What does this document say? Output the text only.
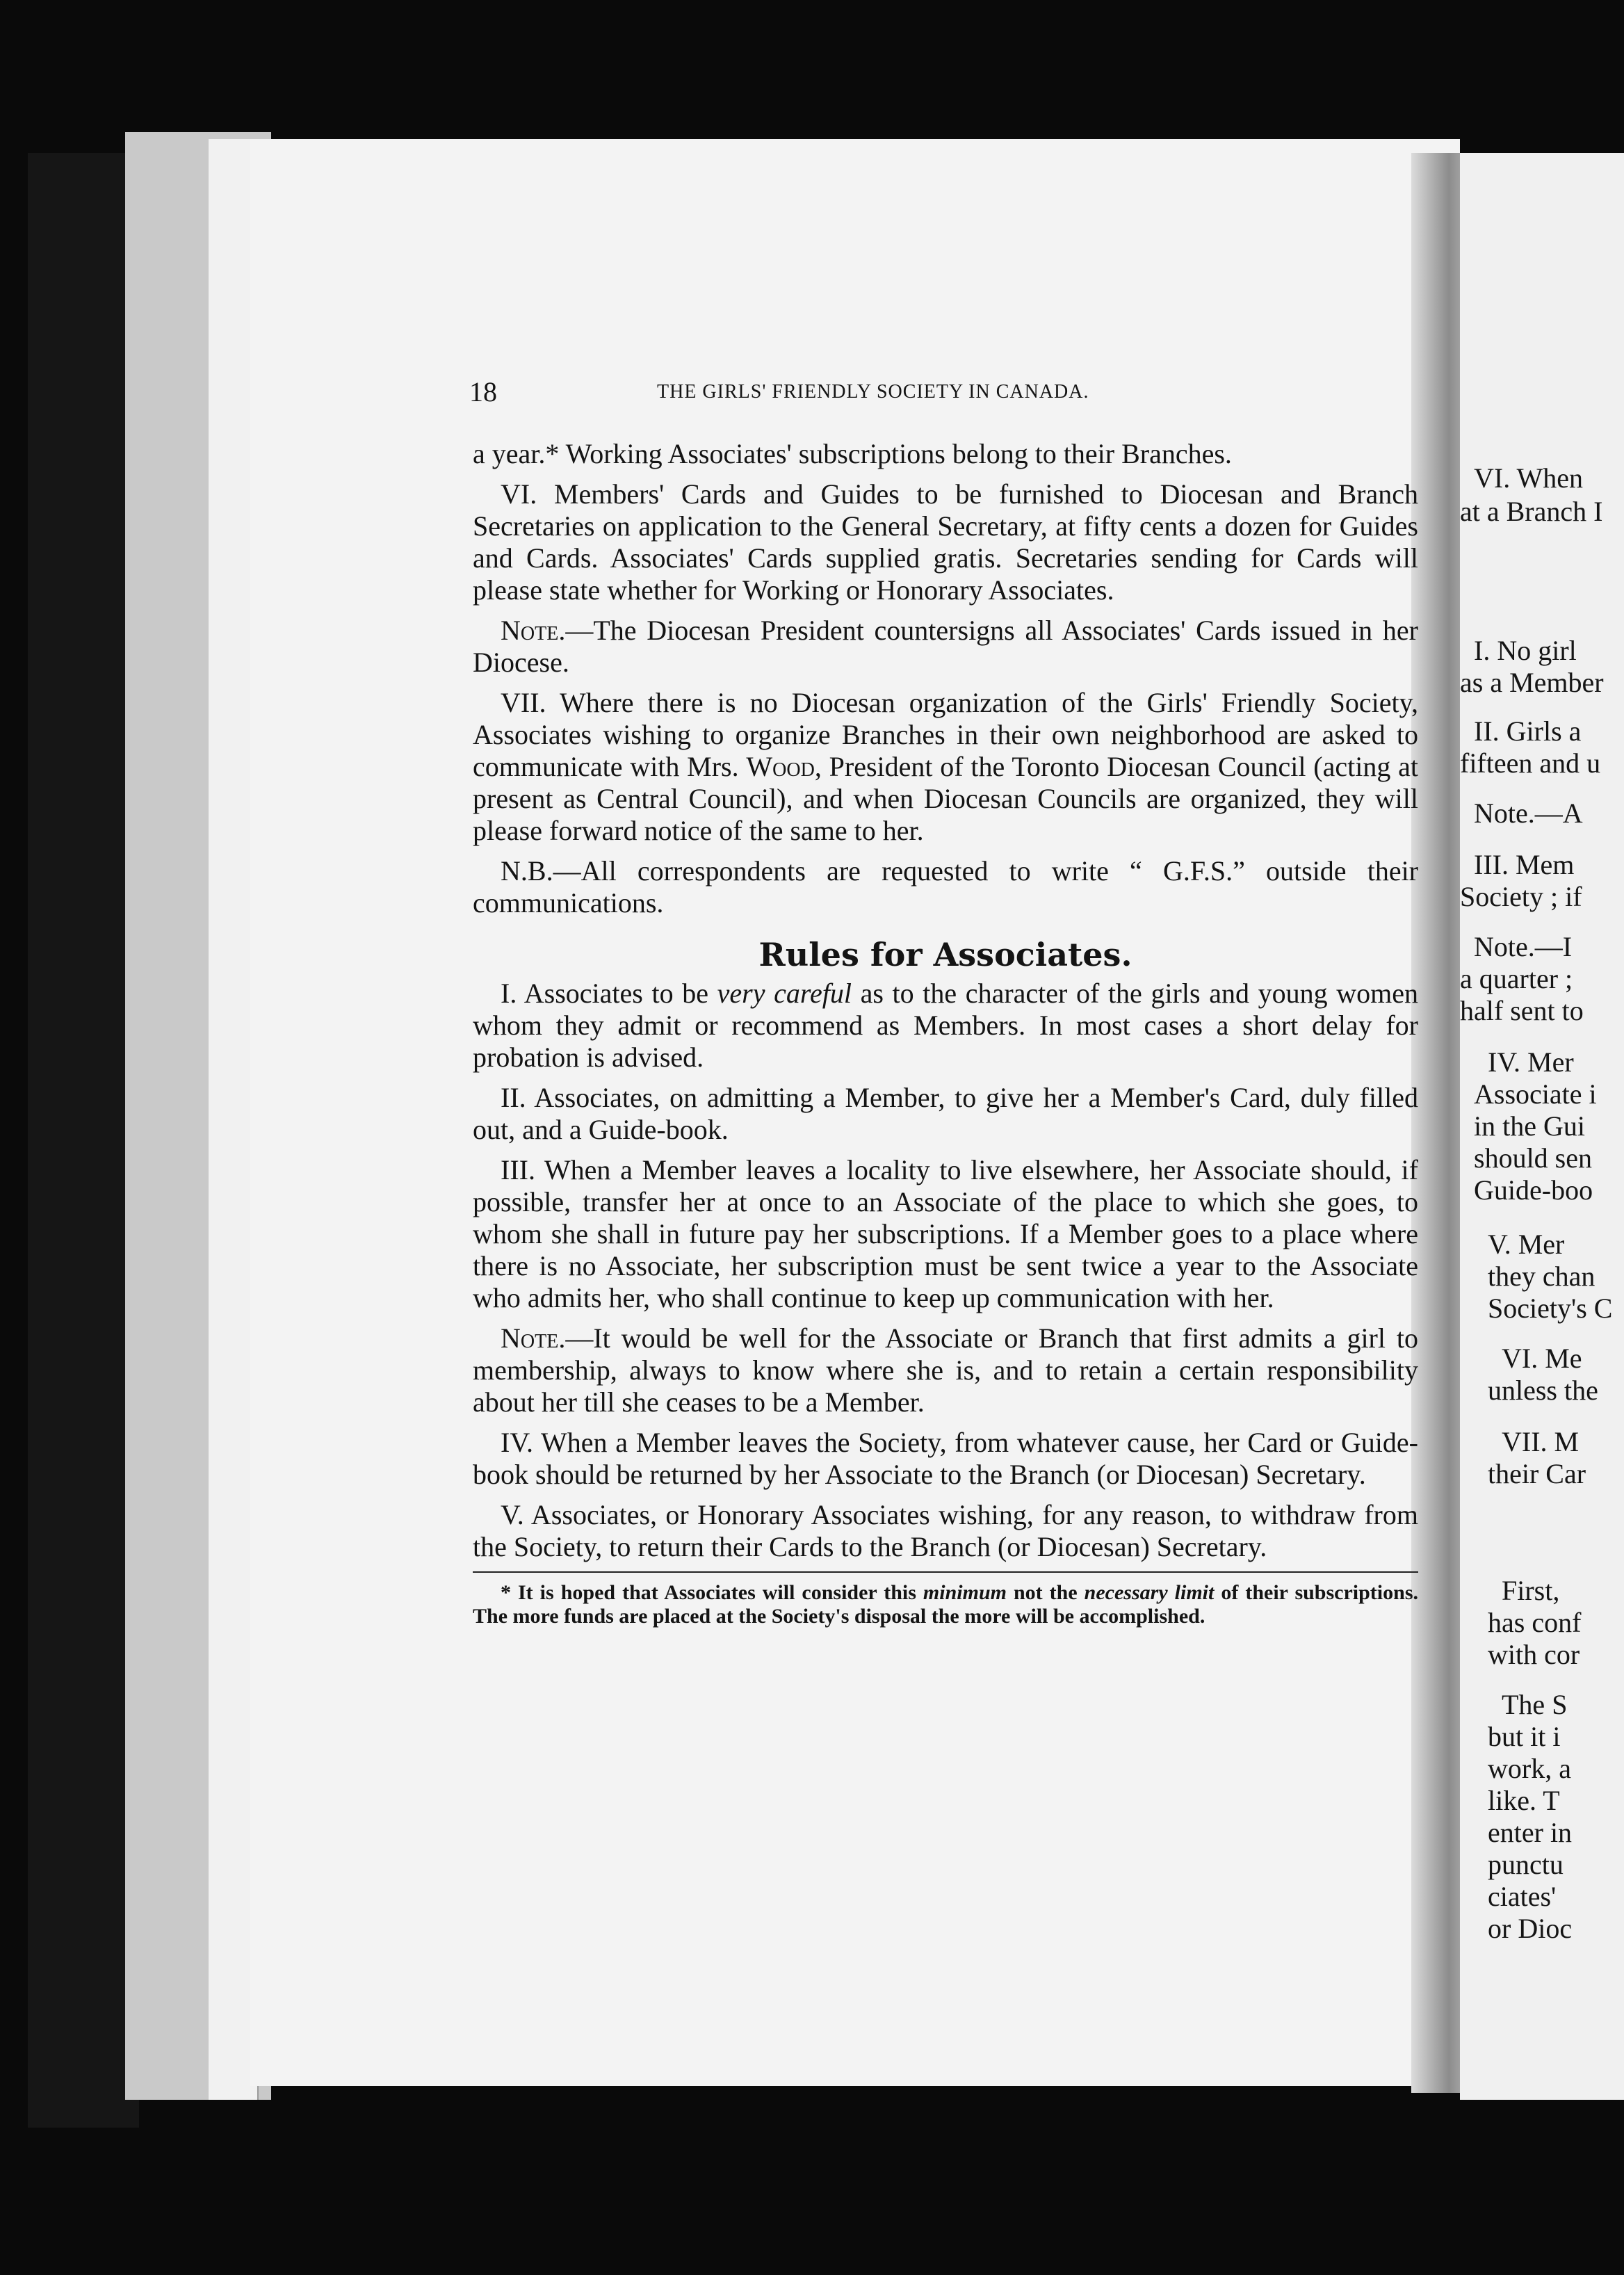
VI. When

at a Branch I

I. No girl

as a Member

II. Girls a

fifteen and u

Note.—A

III. Mem

Society ; if

Note.—I

a quarter ;

half sent to

IV. Mer

Associate i

in the Gui

should sen

Guide-boo

V. Mer

they chan

Society's C

VI. Me

unless the

VII. M

their Car

First,

has conf

with cor

The S

but it i

work, a

like. T

enter in

punctu

ciates'

or Dioc

18	THE GIRLS' FRIENDLY SOCIETY IN CANADA.

a year.* Working Associates' subscriptions belong to their Branches.

VI. Members' Cards and Guides to be furnished to Diocesan and Branch Secretaries on application to the General Secretary, at fifty cents a dozen for Guides and Cards. Associates' Cards supplied gratis. Secretaries sending for Cards will please state whether for Working or Honorary Associates.

Note.—The Diocesan President countersigns all Associates' Cards issued in her Diocese.

VII. Where there is no Diocesan organization of the Girls' Friendly Society, Associates wishing to organize Branches in their own neighborhood are asked to communicate with Mrs. Wood, President of the Toronto Diocesan Council (acting at present as Central Council), and when Diocesan Councils are organized, they will please forward notice of the same to her.

N.B.—All correspondents are requested to write “ G.F.S.” outside their communications.

Rules for Associates.

I. Associates to be very careful as to the character of the girls and young women whom they admit or recommend as Members. In most cases a short delay for probation is advised.

II. Associates, on admitting a Member, to give her a Member's Card, duly filled out, and a Guide-book.

III. When a Member leaves a locality to live elsewhere, her Associate should, if possible, transfer her at once to an Associate of the place to which she goes, to whom she shall in future pay her subscriptions. If a Member goes to a place where there is no Associate, her subscription must be sent twice a year to the Associate who admits her, who shall continue to keep up communication with her.

Note.—It would be well for the Associate or Branch that first admits a girl to membership, always to know where she is, and to retain a certain responsibility about her till she ceases to be a Member.

IV. When a Member leaves the Society, from whatever cause, her Card or Guide-book should be returned by her Associate to the Branch (or Diocesan) Secretary.

V. Associates, or Honorary Associates wishing, for any reason, to withdraw from the Society, to return their Cards to the Branch (or Diocesan) Secretary.

* It is hoped that Associates will consider this minimum not the necessary limit of their subscriptions. The more funds are placed at the Society's disposal the more will be accomplished.
